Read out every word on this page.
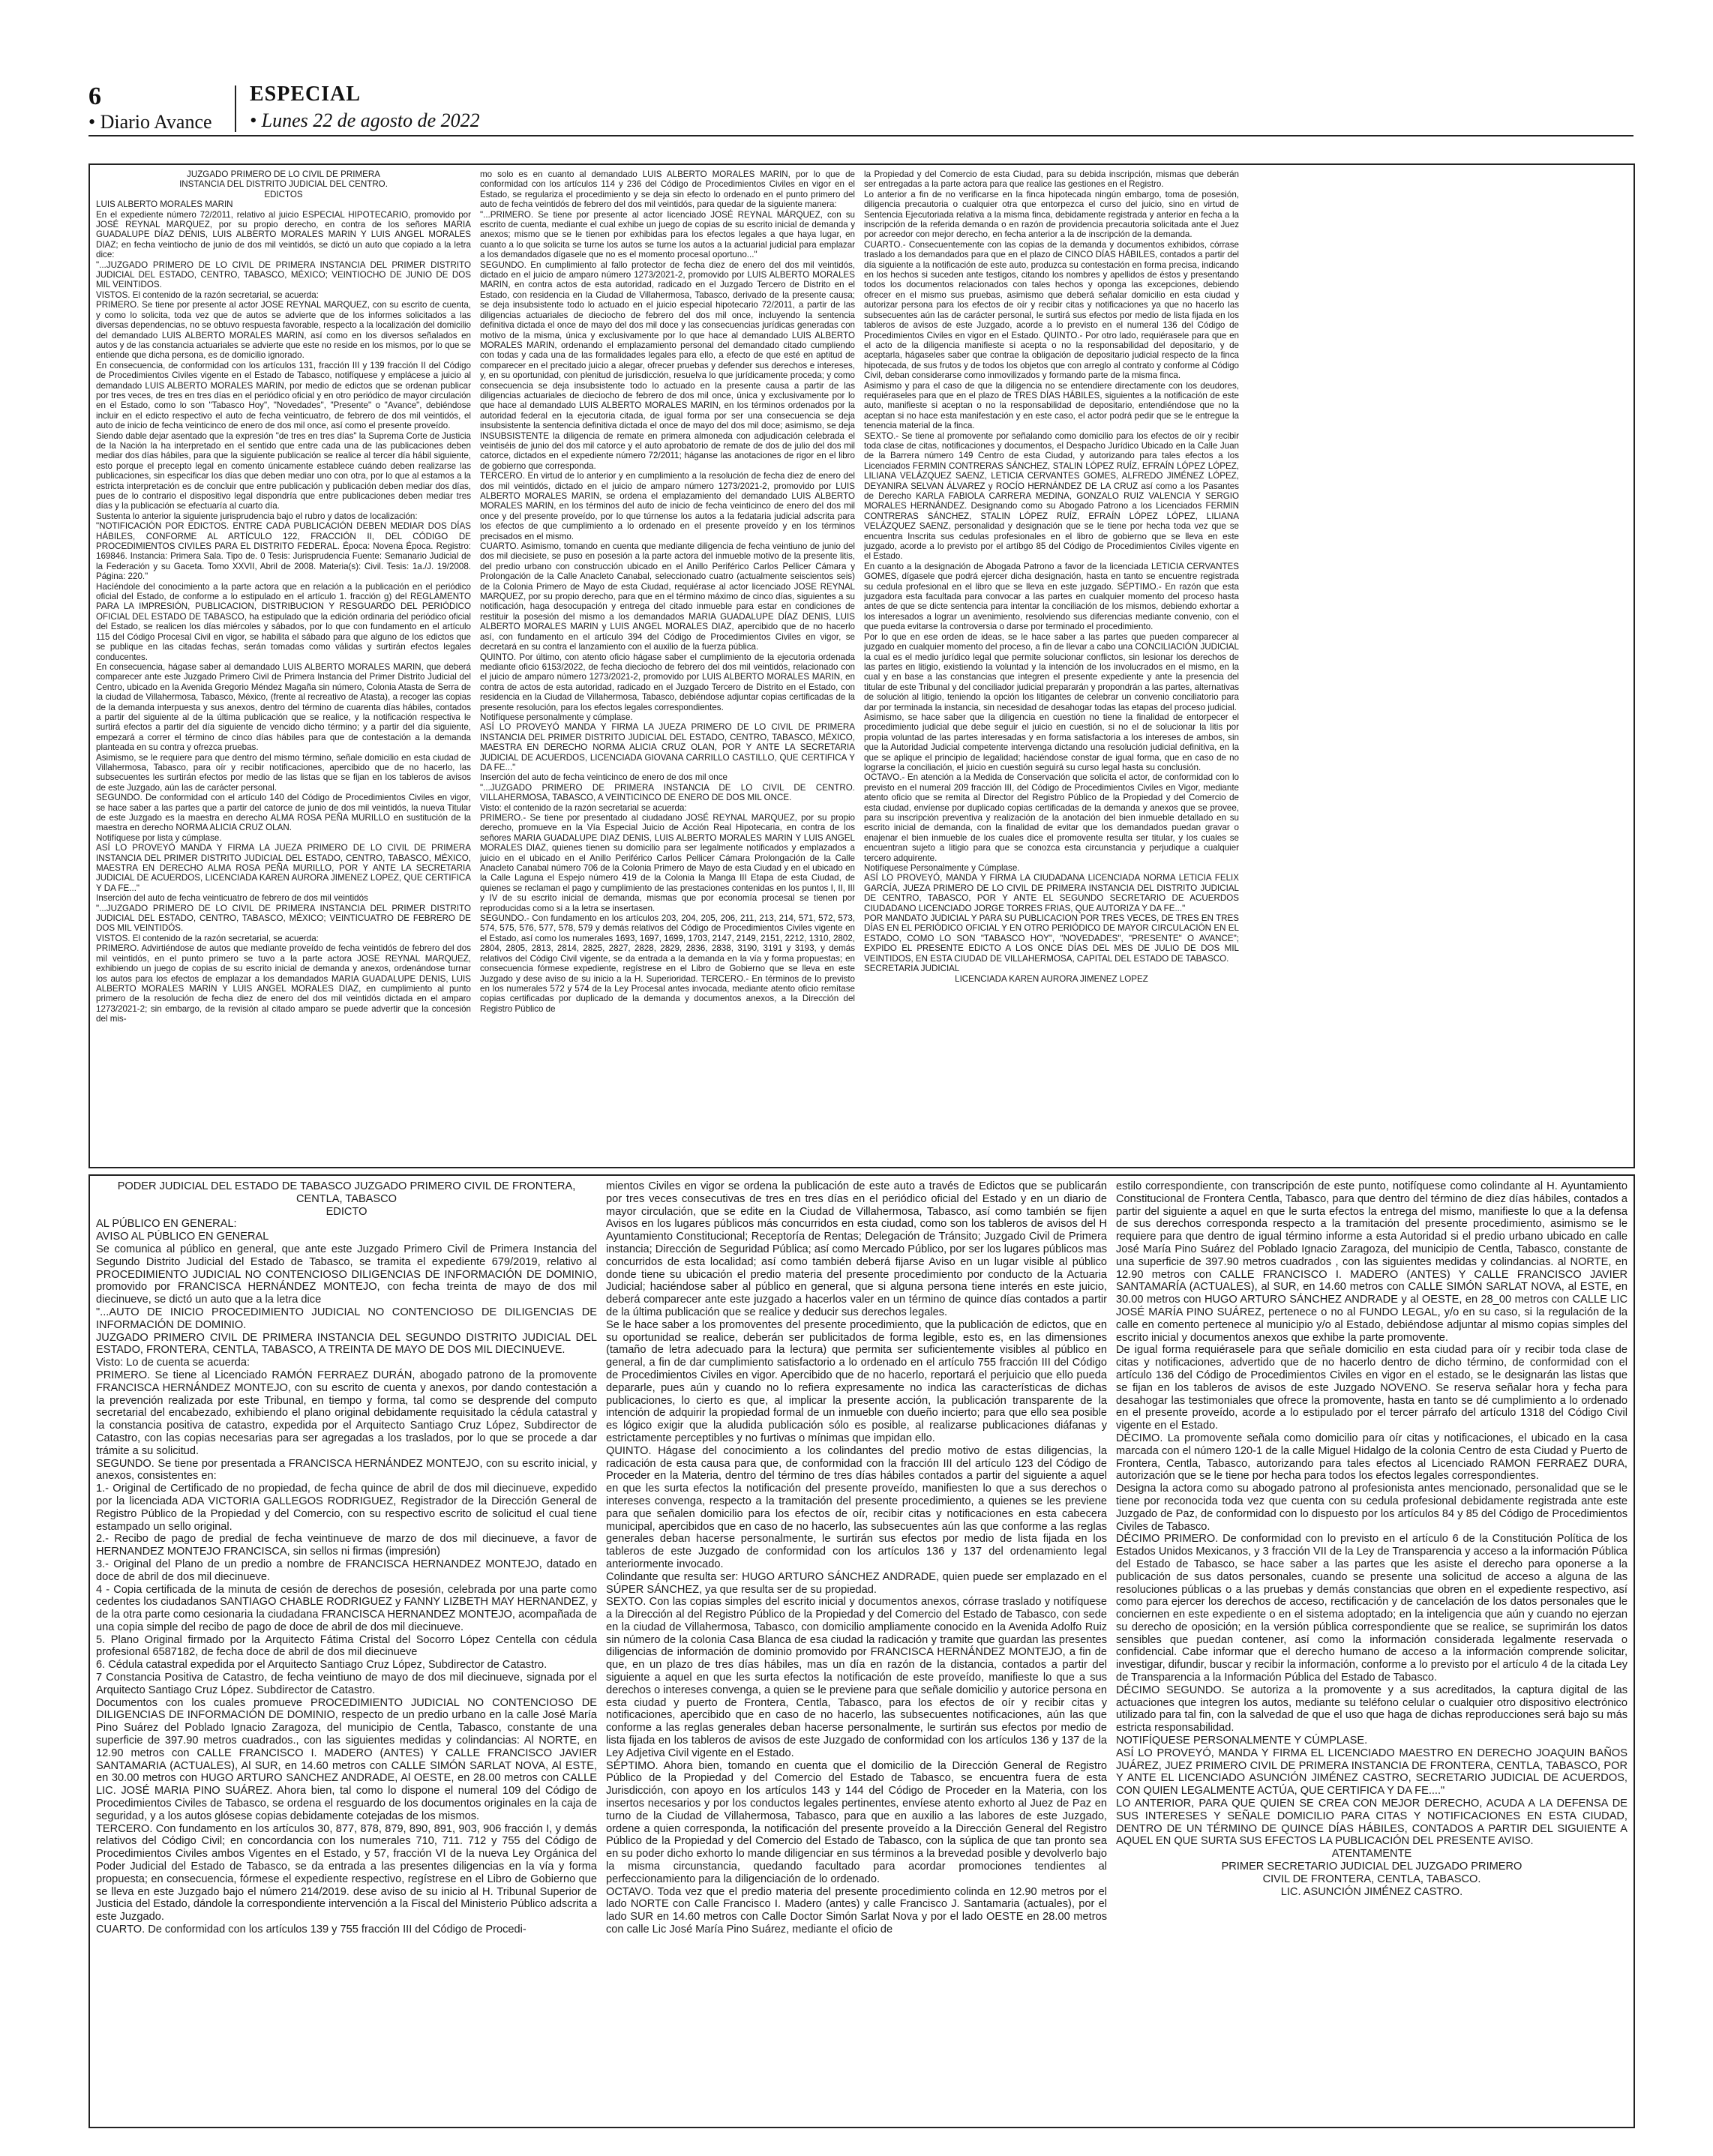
6
• Diario Avance
ESPECIAL
• Lunes 22 de agosto de 2022

JUZGADO PRIMERO DE LO CIVIL DE PRIMERA

INSTANCIA DEL DISTRITO JUDICIAL DEL CENTRO.

EDICTOS

LUIS ALBERTO MORALES MARIN

En el expediente número 72/2011, relativo al juicio ESPECIAL HIPOTECARIO, promovido por JOSÉ REYNAL MARQUEZ, por su propio derecho, en contra de los señores MARIA GUADALUPE DÍAZ DENIS, LUIS ALBERTO MORALES MARIN Y LUIS ANGEL MORALES DIAZ; en fecha veintiocho de junio de dos mil veintidós, se dictó un auto que copiado a la letra dice:

"...JUZGADO PRIMERO DE LO CIVIL DE PRIMERA INSTANCIA DEL PRIMER DISTRITO JUDICIAL DEL ESTADO, CENTRO, TABASCO, MÉXICO; VEINTIOCHO DE JUNIO DE DOS MIL VEINTIDOS.

VISTOS. El contenido de la razón secretarial, se acuerda:

PRIMERO. Se tiene por presente al actor JOSE REYNAL MARQUEZ, con su escrito de cuenta, y como lo solicita, toda vez que de autos se advierte que de los informes solicitados a las diversas dependencias, no se obtuvo respuesta favorable, respecto a la localización del domicilio del demandado LUIS ALBERTO MORALES MARIN, así como en los diversos señalados en autos y de las constancia actuariales se advierte que este no reside en los mismos, por lo que se entiende que dicha persona, es de domicilio ignorado.

En consecuencia, de conformidad con los artículos 131, fracción III y 139 fracción II del Código de Procedimientos Civiles vigente en el Estado de Tabasco, notifíquese y emplácese a juicio al demandado LUIS ALBERTO MORALES MARIN, por medio de edictos que se ordenan publicar por tres veces, de tres en tres días en el periódico oficial y en otro periódico de mayor circulación en el Estado, como lo son "Tabasco Hoy", "Novedades", "Presente" o "Avance", debiéndose incluir en el edicto respectivo el auto de fecha veinticuatro, de febrero de dos mil veintidós, el auto de inicio de fecha veinticinco de enero de dos mil once, así como el presente proveído.

Siendo dable dejar asentado que la expresión "de tres en tres días" la Suprema Corte de Justicia de la Nación la ha interpretado en el sentido que entre cada una de las publicaciones deben mediar dos días hábiles, para que la siguiente publicación se realice al tercer día hábil siguiente, esto porque el precepto legal en comento únicamente establece cuándo deben realizarse las publicaciones, sin especificar los días que deben mediar uno con otra, por lo que al estamos a la estricta interpretación es de concluir que entre publicación y publicación deben mediar dos días, pues de lo contrario el dispositivo legal dispondría que entre publicaciones deben mediar tres días y la publicación se efectuaría al cuarto día.

Sustenta lo anterior la siguiente jurisprudencia bajo el rubro y datos de localización:

"NOTIFICACIÓN POR EDICTOS. ENTRE CADA PUBLICACIÓN DEBEN MEDIAR DOS DÍAS HÁBILES, CONFORME AL ARTÍCULO 122, FRACCIÓN II, DEL CÓDIGO DE PROCEDIMIENTOS CIVILES PARA EL DISTRITO FEDERAL. Época: Novena Época. Registro: 169846. Instancia: Primera Sala. Tipo de. 0 Tesis: Jurisprudencia Fuente: Semanario Judicial de la Federación y su Gaceta. Tomo XXVII, Abril de 2008. Materia(s): Civil. Tesis: 1a./J. 19/2008. Página: 220."

Hacíéndole del conocimiento a la parte actora que en relación a la publicación en el periódico oficial del Estado, de conforme a lo estipulado en el artículo 1. fracción g) del REGLAMENTO PARA LA IMPRESIÓN, PUBLICACION, DISTRIBUCION Y RESGUARDO DEL PERIÓDICO OFICIAL DEL ESTADO DE TABASCO, ha estipulado que la edición ordinaria del periódico oficial del Estado, se realicen los días miércoles y sábados, por lo que con fundamento en el artículo 115 del Código Procesal Civil en vigor, se habilita el sábado para que alguno de los edictos que se publique en las citadas fechas, serán tomadas como válidas y surtirán efectos legales conducentes.

En consecuencia, hágase saber al demandado LUIS ALBERTO MORALES MARIN, que deberá comparecer ante este Juzgado Primero Civil de Primera Instancia del Primer Distrito Judicial del Centro, ubicado en la Avenida Gregorio Méndez Magaña sin número, Colonia Atasta de Serra de la ciudad de Villahermosa, Tabasco, México, (frente al recreativo de Atasta), a recoger las copias de la demanda interpuesta y sus anexos, dentro del término de cuarenta días hábiles, contados a partir del siguiente al de la última publicación que se realice, y la notificación respectiva le surtirá efectos a partir del día siguiente de vencido dicho término; y a partir del día siguiente, empezará a correr el término de cinco días hábiles para que de contestación a la demanda planteada en su contra y ofrezca pruebas.

Asimismo, se le requiere para que dentro del mismo término, señale domicilio en esta ciudad de Villahermosa, Tabasco, para oír y recibir notificaciones, apercibido que de no hacerlo, las subsecuentes les surtirán efectos por medio de las listas que se fijan en los tableros de avisos de este Juzgado, aún las de carácter personal.

SEGUNDO. De conformidad con el artículo 140 del Código de Procedimientos Civiles en vigor, se hace saber a las partes que a partir del catorce de junio de dos mil veintidós, la nueva Titular de este Juzgado es la maestra en derecho ALMA ROSA PEÑA MURILLO en sustitución de la maestra en derecho NORMA ALICIA CRUZ OLAN.

Notifíquese por lista y cúmplase.

ASÍ LO PROVEYÓ MANDA Y FIRMA LA JUEZA PRIMERO DE LO CIVIL DE PRIMERA INSTANCIA DEL PRIMER DISTRITO JUDICIAL DEL ESTADO, CENTRO, TABASCO, MÉXICO, MAESTRA EN DERECHO ALMA ROSA PEÑA MURILLO, POR Y ANTE LA SECRETARIA JUDICIAL DE ACUERDOS, LICENCIADA KAREN AURORA JIMENEZ LOPEZ, QUE CERTIFICA Y DA FE..."

Inserción del auto de fecha veinticuatro de febrero de dos mil veintidós

"...JUZGADO PRIMERO DE LO CIVIL DE PRIMERA INSTANCIA DEL PRIMER DISTRITO JUDICIAL DEL ESTADO, CENTRO, TABASCO, MÉXICO; VEINTICUATRO DE FEBRERO DE DOS MIL VEINTIDÓS.

VISTOS. El contenido de la razón secretarial, se acuerda:

PRIMERO. Advirtiéndose de autos que mediante proveído de fecha veintidós de febrero del dos mil veintidós, en el punto primero se tuvo a la parte actora JOSE REYNAL MARQUEZ, exhibiendo un juego de copias de su escrito inicial de demanda y anexos, ordenándose turnar los autos para los efectos de emplazar a los demandados MARIA GUADALUPE DENIS, LUIS ALBERTO MORALES MARIN Y LUIS ANGEL MORALES DIAZ, en cumplimiento al punto primero de la resolución de fecha diez de enero del dos mil veintidós dictada en el amparo 1273/2021-2; sin embargo, de la revisión al citado amparo se puede advertir que la concesión del mis-

mo solo es en cuanto al demandado LUIS ALBERTO MORALES MARIN, por lo que de conformidad con los artículos 114 y 236 del Código de Procedimientos Civiles en vigor en el Estado, se regulariza el procedimiento y se deja sin efecto lo ordenado en el punto primero del auto de fecha veintidós de febrero del dos mil veintidós, para quedar de la siguiente manera:

"...PRIMERO. Se tiene por presente al actor licenciado JOSÉ REYNAL MÁRQUEZ, con su escrito de cuenta, mediante el cual exhibe un juego de copias de su escrito inicial de demanda y anexos; mismo que se le tienen por exhibidas para los efectos legales a que haya lugar, en cuanto a lo que solicita se turne los autos se turne los autos a la actuarial judicial para emplazar a los demandados dígasele que no es el momento procesal oportuno..."

SEGUNDO. En cumplimiento al fallo protector de fecha diez de enero del dos mil veintidós, dictado en el juicio de amparo número 1273/2021-2, promovido por LUIS ALBERTO MORALES MARIN, en contra actos de esta autoridad, radicado en el Juzgado Tercero de Distrito en el Estado, con residencia en la Ciudad de Villahermosa, Tabasco, derivado de la presente causa; se deja insubsistente todo lo actuado en el juicio especial hipotecario 72/2011, a partir de las diligencias actuariales de dieciocho de febrero del dos mil once, incluyendo la sentencia definitiva dictada el once de mayo del dos mil doce y las consecuencias jurídicas generadas con motivo de la misma, única y exclusivamente por lo que hace al demandado LUIS ALBERTO MORALES MARIN, ordenando el emplazamiento personal del demandado citado cumpliendo con todas y cada una de las formalidades legales para ello, a efecto de que esté en aptitud de comparecer en el precitado juicio a alegar, ofrecer pruebas y defender sus derechos e intereses, y, en su oportunidad, con plenitud de jurisdicción, resuelva lo que jurídicamente proceda; y como consecuencia se deja insubsistente todo lo actuado en la presente causa a partir de las diligencias actuariales de dieciocho de febrero de dos mil once, única y exclusivamente por lo que hace al demandado LUIS ALBERTO MORALES MARIN, en los términos ordenados por la autoridad federal en la ejecutoria citada, de igual forma por ser una consecuencia se deja insubsistente la sentencia definitiva dictada el once de mayo del dos mil doce; asimismo, se deja INSUBSISTENTE la diligencia de remate en primera almoneda con adjudicación celebrada el veintiséis de junio del dos mil catorce y el auto aprobatorio de remate de dos de julio del dos mil catorce, dictados en el expediente número 72/2011; háganse las anotaciones de rigor en el libro de gobierno que corresponda.

TERCERO. En virtud de lo anterior y en cumplimiento a la resolución de fecha diez de enero del dos mil veintidós, dictado en el juicio de amparo número 1273/2021-2, promovido por LUIS ALBERTO MORALES MARIN, se ordena el emplazamiento del demandado LUIS ALBERTO MORALES MARIN, en los términos del auto de inicio de fecha veinticinco de enero del dos mil once y del presente proveído, por lo que túrnense los autos a la fedataria judicial adscrita para los efectos de que cumplimiento a lo ordenado en el presente proveído y en los términos precisados en el mismo.

CUARTO. Asimismo, tomando en cuenta que mediante diligencia de fecha veintiuno de junio del dos mil diecisiete, se puso en posesión a la parte actora del inmueble motivo de la presente litis, del predio urbano con construcción ubicado en el Anillo Periférico Carlos Pellicer Cámara y Prolongación de la Calle Anacleto Canabal, seleccionado cuatro (actualmente seiscientos seis) de la Colonia Primero de Mayo de esta Ciudad, requiérase al actor licenciado JOSE REYNAL MARQUEZ, por su propio derecho, para que en el término máximo de cinco días, siguientes a su notificación, haga desocupación y entrega del citado inmueble para estar en condiciones de restituir la posesión del mismo a los demandados MARIA GUADALUPE DÍAZ DENIS, LUIS ALBERTO MORALES MARIN y LUIS ANGEL MORALES DIAZ, apercibido que de no hacerlo así, con fundamento en el artículo 394 del Código de Procedimientos Civiles en vigor, se decretará en su contra el lanzamiento con el auxilio de la fuerza pública.

QUINTO. Por último, con atento oficio hágase saber el cumplimiento de la ejecutoria ordenada mediante oficio 6153/2022, de fecha dieciocho de febrero del dos mil veintidós, relacionado con el juicio de amparo número 1273/2021-2, promovido por LUIS ALBERTO MORALES MARIN, en contra de actos de esta autoridad, radicado en el Juzgado Tercero de Distrito en el Estado, con residencia en la Ciudad de Villahermosa, Tabasco, debiéndose adjuntar copias certificadas de la presente resolución, para los efectos legales correspondientes.

Notifíquese personalmente y cúmplase.

ASÍ LO PROVEYÓ MANDA Y FIRMA LA JUEZA PRIMERO DE LO CIVIL DE PRIMERA INSTANCIA DEL PRIMER DISTRITO JUDICIAL DEL ESTADO, CENTRO, TABASCO, MÉXICO, MAESTRA EN DERECHO NORMA ALICIA CRUZ OLAN, POR Y ANTE LA SECRETARIA JUDICIAL DE ACUERDOS, LICENCIADA GIOVANA CARRILLO CASTILLO, QUE CERTIFICA Y DA FE..."

Inserción del auto de fecha veinticinco de enero de dos mil once

"...JUZGADO PRIMERO DE PRIMERA INSTANCIA DE LO CIVIL DE CENTRO. VILLAHERMOSA, TABASCO, A VEINTICINCO DE ENERO DE DOS MIL ONCE.

Visto: el contenido de la razón secretarial se acuerda:

PRIMERO.- Se tiene por presentado al ciudadano JOSÉ REYNAL MARQUEZ, por su propio derecho, promueve en la Vía Especial Juicio de Acción Real Hipotecaria, en contra de los señores MARIA GUADALUPE DIAZ DENIS, LUIS ALBERTO MORALES MARIN Y LUIS ANGEL MORALES DIAZ, quienes tienen su domicilio para ser legalmente notificados y emplazados a juicio en el ubicado en el Anillo Periférico Carlos Pellicer Cámara Prolongación de la Calle Anacleto Canabal número 706 de la Colonia Primero de Mayo de esta Ciudad y en el ubicado en la Calle Laguna el Espejo número 419 de la Colonia la Manga III Etapa de esta Ciudad, de quienes se reclaman el pago y cumplimiento de las prestaciones contenidas en los puntos I, II, III y IV de su escrito inicial de demanda, mismas que por economía procesal se tienen por reproducidas como si a la letra se insertasen.

SEGUNDO.- Con fundamento en los artículos 203, 204, 205, 206, 211, 213, 214, 571, 572, 573, 574, 575, 576, 577, 578, 579 y demás relativos del Código de Procedimientos Civiles vigente en el Estado, así como los numerales 1693, 1697, 1699, 1703, 2147, 2149, 2151, 2212, 1310, 2802, 2804, 2805, 2813, 2814, 2825, 2827, 2828, 2829, 2836, 2838, 3190, 3191 y 3193, y demás relativos del Código Civil vigente, se da entrada a la demanda en la vía y forma propuestas; en consecuencia fórmese expediente, regístrese en el Libro de Gobierno que se lleva en este Juzgado y dese aviso de su inicio a la H. Superioridad. TERCERO.- En términos de lo previsto en los numerales 572 y 574 de la Ley Procesal antes invocada, mediante atento oficio remítase copias certificadas por duplicado de la demanda y documentos anexos, a la Dirección del Registro Público de

la Propiedad y del Comercio de esta Ciudad, para su debida inscripción, mismas que deberán ser entregadas a la parte actora para que realice las gestiones en el Registro.

Lo anterior a fin de no verificarse en la finca hipotecada ningún embargo, toma de posesión, diligencia precautoria o cualquier otra que entorpezca el curso del juicio, sino en virtud de Sentencia Ejecutoriada relativa a la misma finca, debidamente registrada y anterior en fecha a la inscripción de la referida demanda o en razón de providencia precautoria solicitada ante el Juez por acreedor con mejor derecho, en fecha anterior a la de inscripción de la demanda.

CUARTO.- Consecuentemente con las copias de la demanda y documentos exhibidos, córrase traslado a los demandados para que en el plazo de CINCO DÍAS HÁBILES, contados a partir del día siguiente a la notificación de este auto, produzca su contestación en forma precisa, indicando en los hechos si suceden ante testigos, citando los nombres y apellidos de éstos y presentando todos los documentos relacionados con tales hechos y oponga las excepciones, debiendo ofrecer en el mismo sus pruebas, asimismo que deberá señalar domicilio en esta ciudad y autorizar persona para los efectos de oír y recibir citas y notificaciones ya que no hacerlo las subsecuentes aún las de carácter personal, le surtirá sus efectos por medio de lista fijada en los tableros de avisos de este Juzgado, acorde a lo previsto en el numeral 136 del Código de Procedimientos Civiles en vigor en el Estado. QUINTO.- Por otro lado, requiérasele para que en el acto de la diligencia manifieste si acepta o no la responsabilidad del depositario, y de aceptarla, hágaseles saber que contrae la obligación de depositario judicial respecto de la finca hipotecada, de sus frutos y de todos los objetos que con arreglo al contrato y conforme al Código Civil, deban considerarse como inmovilizados y formando parte de la misma finca.

Asimismo y para el caso de que la diligencia no se entendiere directamente con los deudores, requiéraseles para que en el plazo de TRES DÍAS HÁBILES, siguientes a la notificación de este auto, manifieste si aceptan o no la responsabilidad de depositario, entendiéndose que no la aceptan si no hace esta manifestación y en este caso, el actor podrá pedir que se le entregue la tenencia material de la finca.

SEXTO.- Se tiene al promovente por señalando como domicilio para los efectos de oír y recibir toda clase de citas, notificaciones y documentos, el Despacho Jurídico Ubicado en la Calle Juan de la Barrera número 149 Centro de esta Ciudad, y autorizando para tales efectos a los Licenciados FERMIN CONTRERAS SÁNCHEZ, STALIN LÓPEZ RUÍZ, EFRAÍN LÓPEZ LÓPEZ, LILIANA VELÁZQUEZ SAENZ, LETICIA CERVANTES GOMES, ALFREDO JIMÉNEZ LÓPEZ, DEYANIRA SELVAN ÁLVAREZ y ROCÍO HERNÁNDEZ DE LA CRUZ así como a los Pasantes de Derecho KARLA FABIOLA CARRERA MEDINA, GONZALO RUIZ VALENCIA Y SERGIO MORALES HERNÁNDEZ. Designando como su Abogado Patrono a los Licenciados FERMIN CONTRERAS SÁNCHEZ, STALIN LÓPEZ RUÍZ, EFRAÍN LÓPEZ LÓPEZ, LILIANA VELÁZQUEZ SAENZ, personalidad y designación que se le tiene por hecha toda vez que se encuentra Inscrita sus cedulas profesionales en el libro de gobierno que se lleva en este juzgado, acorde a lo previsto por el artíbgo 85 del Código de Procedimientos Civiles vigente en el Estado.

En cuanto a la designación de Abogada Patrono a favor de la licenciada LETICIA CERVANTES GOMES, dígasele que podrá ejercer dicha designación, hasta en tanto se encuentre registrada su cedula profesional en el libro que se lleva en este juzgado. SÉPTIMO.- En razón que esta juzgadora esta facultada para convocar a las partes en cualquier momento del proceso hasta antes de que se dicte sentencia para intentar la conciliación de los mismos, debiendo exhortar a los interesados a lograr un avenimiento, resolviendo sus diferencias mediante convenio, con el que pueda evitarse la controversia o darse por terminado el procedimiento.

Por lo que en ese orden de ideas, se le hace saber a las partes que pueden comparecer al juzgado en cualquier momento del proceso, a fin de llevar a cabo una CONCILIACIÓN JUDICIAL la cual es el medio jurídico legal que permite solucionar conflictos, sin lesionar los derechos de las partes en litigio, existiendo la voluntad y la intención de los involucrados en el mismo, en la cual y en base a las constancias que integren el presente expediente y ante la presencia del titular de este Tribunal y del conciliador judicial prepararán y propondrán a las partes, alternativas de solución al litigio, teniendo la opción los litigantes de celebrar un convenio conciliatorio para dar por terminada la instancia, sin necesidad de desahogar todas las etapas del proceso judicial.

Asimismo, se hace saber que la diligencia en cuestión no tiene la finalidad de entorpecer el procedimiento judicial que debe seguir el juicio en cuestión, si no el de solucionar la litis por propia voluntad de las partes interesadas y en forma satisfactoria a los intereses de ambos, sin que la Autoridad Judicial competente intervenga dictando una resolución judicial definitiva, en la que se aplique el principio de legalidad; haciéndose constar de igual forma, que en caso de no lograrse la conciliación, el juicio en cuestión seguirá su curso legal hasta su conclusión.

OCTAVO.- En atención a la Medida de Conservación que solicita el actor, de conformidad con lo previsto en el numeral 209 fracción III, del Código de Procedimientos Civiles en Vigor, mediante atento oficio que se remita al Director del Registro Público de la Propiedad y del Comercio de esta ciudad, envíense por duplicado copias certificadas de la demanda y anexos que se provee, para su inscripción preventiva y realización de la anotación del bien inmueble detallado en su escrito inicial de demanda, con la finalidad de evitar que los demandados puedan gravar o enajenar el bien inmueble de los cuales dice el promovente resulta ser titular, y los cuales se encuentran sujeto a litigio para que se conozca esta circunstancia y perjudique a cualquier tercero adquirente.

Notifíquese Personalmente y Cúmplase.

ASÍ LO PROVEYÓ, MANDA Y FIRMA LA CIUDADANA LICENCIADA NORMA LETICIA FELIX GARCÍA, JUEZA PRIMERO DE LO CIVIL DE PRIMERA INSTANCIA DEL DISTRITO JUDICIAL DE CENTRO, TABASCO, POR Y ANTE EL SEGUNDO SECRETARIO DE ACUERDOS CIUDADANO LICENCIADO JORGE TORRES FRIAS, QUE AUTORIZA Y DA FE..."

POR MANDATO JUDICIAL Y PARA SU PUBLICACION POR TRES VECES, DE TRES EN TRES DÍAS EN EL PERIÓDICO OFICIAL Y EN OTRO PERIÓDICO DE MAYOR CIRCULACIÓN EN EL ESTADO, COMO LO SON "TABASCO HOY", "NOVEDADES", "PRESENTE" O AVANCE"; EXPIDO EL PRESENTE EDICTO A LOS ONCE DÍAS DEL MES DE JULIO DE DOS MIL VEINTIDOS, EN ESTA CIUDAD DE VILLAHERMOSA, CAPITAL DEL ESTADO DE TABASCO.

SECRETARIA JUDICIAL

LICENCIADA KAREN AURORA JIMENEZ LOPEZ

PODER JUDICIAL DEL ESTADO DE TABASCO JUZGADO PRIMERO CIVIL DE FRONTERA, CENTLA, TABASCO

EDICTO

AL PÚBLICO EN GENERAL:

AVISO AL PÚBLICO EN GENERAL

Se comunica al público en general, que ante este Juzgado Primero Civil de Primera Instancia del Segundo Distrito Judicial del Estado de Tabasco, se tramita el expediente 679/2019, relativo al PROCEDIMIENTO JUDICIAL NO CONTENCIOSO DILIGENCIAS DE INFORMACIÓN DE DOMINIO, promovido por FRANCISCA HERNÁNDEZ MONTEJO, con fecha treinta de mayo de dos mil diecinueve, se dictó un auto que a la letra dice

"...AUTO DE INICIO PROCEDIMIENTO JUDICIAL NO CONTENCIOSO DE DILIGENCIAS DE INFORMACIÓN DE DOMINIO.

JUZGADO PRIMERO CIVIL DE PRIMERA INSTANCIA DEL SEGUNDO DISTRITO JUDICIAL DEL ESTADO, FRONTERA, CENTLA, TABASCO, A TREINTA DE MAYO DE DOS MIL DIECINUEVE.

Visto: Lo de cuenta se acuerda:

PRIMERO. Se tiene al Licenciado RAMÓN FERRAEZ DURÁN, abogado patrono de la promovente FRANCISCA HERNÁNDEZ MONTEJO, con su escrito de cuenta y anexos, por dando contestación a la prevención realizada por este Tribunal, en tiempo y forma, tal como se desprende del computo secretarial del encabezado, exhibiendo el plano original debidamente requisitado la cédula catastral y la constancia positiva de catastro, expedida por el Arquitecto Santiago Cruz López, Subdirector de Catastro, con las copias necesarias para ser agregadas a los traslados, por lo que se procede a dar trámite a su solicitud.

SEGUNDO. Se tiene por presentada a FRANCISCA HERNÁNDEZ MONTEJO, con su escrito inicial, y anexos, consistentes en:

1.- Original de Certificado de no propiedad, de fecha quince de abril de dos mil diecinueve, expedido por la licenciada ADA VICTORIA GALLEGOS RODRIGUEZ, Registrador de la Dirección General de Registro Público de la Propiedad y del Comercio, con su respectivo escrito de solicitud el cual tiene estampado un sello original.

2.- Recibo de pago de predial de fecha veintinueve de marzo de dos mil diecinueve, a favor de HERNANDEZ MONTEJO FRANCISCA, sin sellos ni firmas (impresión)

3.- Original del Plano de un predio a nombre de FRANCISCA HERNANDEZ MONTEJO, datado en doce de abril de dos mil diecinueve.

4 - Copia certificada de la minuta de cesión de derechos de posesión, celebrada por una parte como cedentes los ciudadanos SANTIAGO CHABLE RODRIGUEZ y FANNY LIZBETH MAY HERNANDEZ, y de la otra parte como cesionaria la ciudadana FRANCISCA HERNANDEZ MONTEJO, acompañada de una copia simple del recibo de pago de doce de abril de dos mil diecinueve.

5. Plano Original firmado por la Arquitecto Fátima Cristal del Socorro López Centella con cédula profesional 6587182, de fecha doce de abril de dos mil diecinueve

6. Cédula catastral expedida por el Arquitecto Santiago Cruz López, Subdirector de Catastro.

7 Constancia Positiva de Catastro, de fecha veintiuno de mayo de dos mil diecinueve, signada por el Arquitecto Santiago Cruz López. Subdirector de Catastro.

Documentos con los cuales promueve PROCEDIMIENTO JUDICIAL NO CONTENCIOSO DE DILIGENCIAS DE INFORMACIÓN DE DOMINIO, respecto de un predio urbano en la calle José María Pino Suárez del Poblado Ignacio Zaragoza, del municipio de Centla, Tabasco, constante de una superficie de 397.90 metros cuadrados., con las siguientes medidas y colindancias: Al NORTE, en 12.90 metros con CALLE FRANCISCO I. MADERO (ANTES) Y CALLE FRANCISCO JAVIER SANTAMARIA (ACTUALES), Al SUR, en 14.60 metros con CALLE SIMÓN SARLAT NOVA, Al ESTE, en 30.00 metros con HUGO ARTURO SANCHEZ ANDRADE, Al OESTE, en 28.00 metros con CALLE LIC. JOSÉ MARIA PINO SUÁREZ. Ahora bien, tal como lo dispone el numeral 109 del Código de Procedimientos Civiles de Tabasco, se ordena el resguardo de los documentos originales en la caja de seguridad, y a los autos glósese copias debidamente cotejadas de los mismos.

TERCERO. Con fundamento en los artículos 30, 877, 878, 879, 890, 891, 903, 906 fracción I, y demás relativos del Código Civil; en concordancia con los numerales 710, 711. 712 y 755 del Código de Procedimientos Civiles ambos Vigentes en el Estado, y 57, fracción VI de la nueva Ley Orgánica del Poder Judicial del Estado de Tabasco, se da entrada a las presentes diligencias en la vía y forma propuesta; en consecuencia, fórmese el expediente respectivo, regístrese en el Libro de Gobierno que se lleva en este Juzgado bajo el número 214/2019. dese aviso de su inicio al H. Tribunal Superior de Justicia del Estado, dándole la correspondiente intervención a la Fiscal del Ministerio Público adscrita a este Juzgado.

CUARTO. De conformidad con los artículos 139 y 755 fracción III del Código de Procedi-

mientos Civiles en vigor se ordena la publicación de este auto a través de Edictos que se publicarán por tres veces consecutivas de tres en tres días en el periódico oficial del Estado y en un diario de mayor circulación, que se edite en la Ciudad de Villahermosa, Tabasco, así como también se fijen Avisos en los lugares públicos más concurridos en esta ciudad, como son los tableros de avisos del H Ayuntamiento Constitucional; Receptoría de Rentas; Delegación de Tránsito; Juzgado Civil de Primera instancia; Dirección de Seguridad Pública; así como Mercado Público, por ser los lugares públicos mas concurridos de esta localidad; así como también deberá fijarse Aviso en un lugar visible al público donde tiene su ubicación el predio materia del presente procedimiento por conducto de la Actuaria Judicial; haciéndose saber al público en general, que si alguna persona tiene interés en este juicio, deberá comparecer ante este juzgado a hacerlos valer en un término de quince días contados a partir de la última publicación que se realice y deducir sus derechos legales.

Se le hace saber a los promoventes del presente procedimiento, que la publicación de edictos, que en su oportunidad se realice, deberán ser publicitados de forma legible, esto es, en las dimensiones (tamaño de letra adecuado para la lectura) que permita ser suficientemente visibles al público en general, a fin de dar cumplimiento satisfactorio a lo ordenado en el artículo 755 fracción III del Código de Procedimientos Civiles en vigor. Apercibido que de no hacerlo, reportará el perjuicio que ello pueda depararle, pues aún y cuando no lo refiera expresamente no indica las características de dichas publicaciones, lo cierto es que, al implicar la presente acción, la publicación transparente de la intención de adquirir la propiedad formal de un inmueble con dueño incierto; para que ello sea posible es lógico exigir que la aludida publicación sólo es posible, al realizarse publicaciones diáfanas y estrictamente perceptibles y no furtivas o mínimas que impidan ello.

QUINTO. Hágase del conocimiento a los colindantes del predio motivo de estas diligencias, la radicación de esta causa para que, de conformidad con la fracción III del artículo 123 del Código de Proceder en la Materia, dentro del término de tres días hábiles contados a partir del siguiente a aquel en que les surta efectos la notificación del presente proveído, manifiesten lo que a sus derechos o intereses convenga, respecto a la tramitación del presente procedimiento, a quienes se les previene para que señalen domicilio para los efectos de oír, recibir citas y notificaciones en esta cabecera municipal, apercibidos que en caso de no hacerlo, las subsecuentes aún las que conforme a las reglas generales deban hacerse personalmente, le surtirán sus efectos por medio de lista fijada en los tableros de este Juzgado de conformidad con los artículos 136 y 137 del ordenamiento legal anteriormente invocado.

Colindante que resulta ser: HUGO ARTURO SÁNCHEZ ANDRADE, quien puede ser emplazado en el SÚPER SÁNCHEZ, ya que resulta ser de su propiedad.

SEXTO. Con las copias simples del escrito inicial y documentos anexos, córrase traslado y notifíquese a la Dirección al del Registro Público de la Propiedad y del Comercio del Estado de Tabasco, con sede en la ciudad de Villahermosa, Tabasco, con domicilio ampliamente conocido en la Avenida Adolfo Ruiz sin número de la colonia Casa Blanca de esa ciudad la radicación y tramite que guardan las presentes diligencias de información de dominio promovido por FRANCISCA HERNÁNDEZ MONTEJO, a fin de que, en un plazo de tres días hábiles, mas un día en razón de la distancia, contados a partir del siguiente a aquel en que les surta efectos la notificación de este proveído, manifieste lo que a sus derechos o intereses convenga, a quien se le previene para que señale domicilio y autorice persona en esta ciudad y puerto de Frontera, Centla, Tabasco, para los efectos de oír y recibir citas y notificaciones, apercibido que en caso de no hacerlo, las subsecuentes notificaciones, aún las que conforme a las reglas generales deban hacerse personalmente, le surtirán sus efectos por medio de lista fijada en los tableros de avisos de este Juzgado de conformidad con los artículos 136 y 137 de la Ley Adjetiva Civil vigente en el Estado.

SÉPTIMO. Ahora bien, tomando en cuenta que el domicilio de la Dirección General de Registro Público de la Propiedad y del Comercio del Estado de Tabasco, se encuentra fuera de esta Jurisdicción, con apoyo en los artículos 143 y 144 del Código de Proceder en la Materia, con los insertos necesarios y por los conductos legales pertinentes, envíese atento exhorto al Juez de Paz en turno de la Ciudad de Villahermosa, Tabasco, para que en auxilio a las labores de este Juzgado, ordene a quien corresponda, la notificación del presente proveído a la Dirección General del Registro Público de la Propiedad y del Comercio del Estado de Tabasco, con la súplica de que tan pronto sea en su poder dicho exhorto lo mande diligenciar en sus términos a la brevedad posible y devolverlo bajo la misma circunstancia, quedando facultado para acordar promociones tendientes al perfeccionamiento para la diligenciación de lo ordenado.

OCTAVO. Toda vez que el predio materia del presente procedimiento colinda en 12.90 metros por el lado NORTE con Calle Francisco I. Madero (antes) y calle Francisco J. Santamaria (actuales), por el lado SUR en 14.60 metros con Calle Doctor Simón Sarlat Nova y por el lado OESTE en 28.00 metros con calle Lic José María Pino Suárez, mediante el oficio de

estilo correspondiente, con transcripción de este punto, notifíquese como colindante al H. Ayuntamiento Constitucional de Frontera Centla, Tabasco, para que dentro del término de diez días hábiles, contados a partir del siguiente a aquel en que le surta efectos la entrega del mismo, manifieste lo que a la defensa de sus derechos corresponda respecto a la tramitación del presente procedimiento, asimismo se le requiere para que dentro de igual término informe a esta Autoridad si el predio urbano ubicado en calle José María Pino Suárez del Poblado Ignacio Zaragoza, del municipio de Centla, Tabasco, constante de una superficie de 397.90 metros cuadrados , con las siguientes medidas y colindancias. al NORTE, en 12.90 metros con CALLE FRANCISCO I. MADERO (ANTES) Y CALLE FRANCISCO JAVIER SANTAMARÍA (ACTUALES), al SUR, en 14.60 metros con CALLE SIMÓN SARLAT NOVA, al ESTE, en 30.00 metros con HUGO ARTURO SÁNCHEZ ANDRADE y al OESTE, en 28_00 metros con CALLE LIC JOSÉ MARÍA PINO SUÁREZ, pertenece o no al FUNDO LEGAL, y/o en su caso, si la regulación de la calle en comento pertenece al municipio y/o al Estado, debiéndose adjuntar al mismo copias simples del escrito inicial y documentos anexos que exhibe la parte promovente.

De igual forma requiérasele para que señale domicilio en esta ciudad para oír y recibir toda clase de citas y notificaciones, advertido que de no hacerlo dentro de dicho término, de conformidad con el artículo 136 del Código de Procedimientos Civiles en vigor en el estado, se le designarán las listas que se fijan en los tableros de avisos de este Juzgado NOVENO. Se reserva señalar hora y fecha para desahogar las testimoniales que ofrece la promovente, hasta en tanto se dé cumplimiento a lo ordenado en el presente proveído, acorde a lo estipulado por el tercer párrafo del artículo 1318 del Código Civil vigente en el Estado.

DÉCIMO. La promovente señala como domicilio para oír citas y notificaciones, el ubicado en la casa marcada con el número 120-1 de la calle Miguel Hidalgo de la colonia Centro de esta Ciudad y Puerto de Frontera, Centla, Tabasco, autorizando para tales efectos al Licenciado RAMON FERRAEZ DURA, autorización que se le tiene por hecha para todos los efectos legales correspondientes.

Designa la actora como su abogado patrono al profesionista antes mencionado, personalidad que se le tiene por reconocida toda vez que cuenta con su cedula profesional debidamente registrada ante este Juzgado de Paz, de conformidad con lo dispuesto por los artículos 84 y 85 del Código de Procedimientos Civiles de Tabasco.

DÉCIMO PRIMERO. De conformidad con lo previsto en el artículo 6 de la Constitución Política de los Estados Unidos Mexicanos, y 3 fracción VII de la Ley de Transparencia y acceso a la información Pública del Estado de Tabasco, se hace saber a las partes que les asiste el derecho para oponerse a la publicación de sus datos personales, cuando se presente una solicitud de acceso a alguna de las resoluciones públicas o a las pruebas y demás constancias que obren en el expediente respectivo, así como para ejercer los derechos de acceso, rectificación y de cancelación de los datos personales que le conciernen en este expediente o en el sistema adoptado; en la inteligencia que aún y cuando no ejerzan su derecho de oposición; en la versión pública correspondiente que se realice, se suprimirán los datos sensibles que puedan contener, así como la información considerada legalmente reservada o confidencial. Cabe informar que el derecho humano de acceso a la información comprende solicitar, investigar, difundir, buscar y recibir la información, conforme a lo previsto por el artículo 4 de la citada Ley de Transparencia a la Información Pública del Estado de Tabasco.

DÉCIMO SEGUNDO. Se autoriza a la promovente y a sus acreditados, la captura digital de las actuaciones que integren los autos, mediante su teléfono celular o cualquier otro dispositivo electrónico utilizado para tal fin, con la salvedad de que el uso que haga de dichas reproducciones será bajo su más estricta responsabilidad.

NOTIFÍQUESE PERSONALMENTE Y CÚMPLASE.

ASÍ LO PROVEYÓ, MANDA Y FIRMA EL LICENCIADO MAESTRO EN DERECHO JOAQUIN BAÑOS JUÁREZ, JUEZ PRIMERO CIVIL DE PRIMERA INSTANCIA DE FRONTERA, CENTLA, TABASCO, POR Y ANTE EL LICENCIADO ASUNCIÓN JIMÉNEZ CASTRO, SECRETARIO JUDICIAL DE ACUERDOS, CON QUIEN LEGALMENTE ACTÚA, QUE CERTIFICA Y DA FE...."

LO ANTERIOR, PARA QUE QUIEN SE CREA CON MEJOR DERECHO, ACUDA A LA DEFENSA DE SUS INTERESES Y SEÑALE DOMICILIO PARA CITAS Y NOTIFICACIONES EN ESTA CIUDAD, DENTRO DE UN TÉRMINO DE QUINCE DÍAS HÁBILES, CONTADOS A PARTIR DEL SIGUIENTE A AQUEL EN QUE SURTA SUS EFECTOS LA PUBLICACIÓN DEL PRESENTE AVISO.

ATENTAMENTE

PRIMER SECRETARIO JUDICIAL DEL JUZGADO PRIMERO

CIVIL DE FRONTERA, CENTLA, TABASCO.

LIC. ASUNCIÓN JIMÉNEZ CASTRO.
